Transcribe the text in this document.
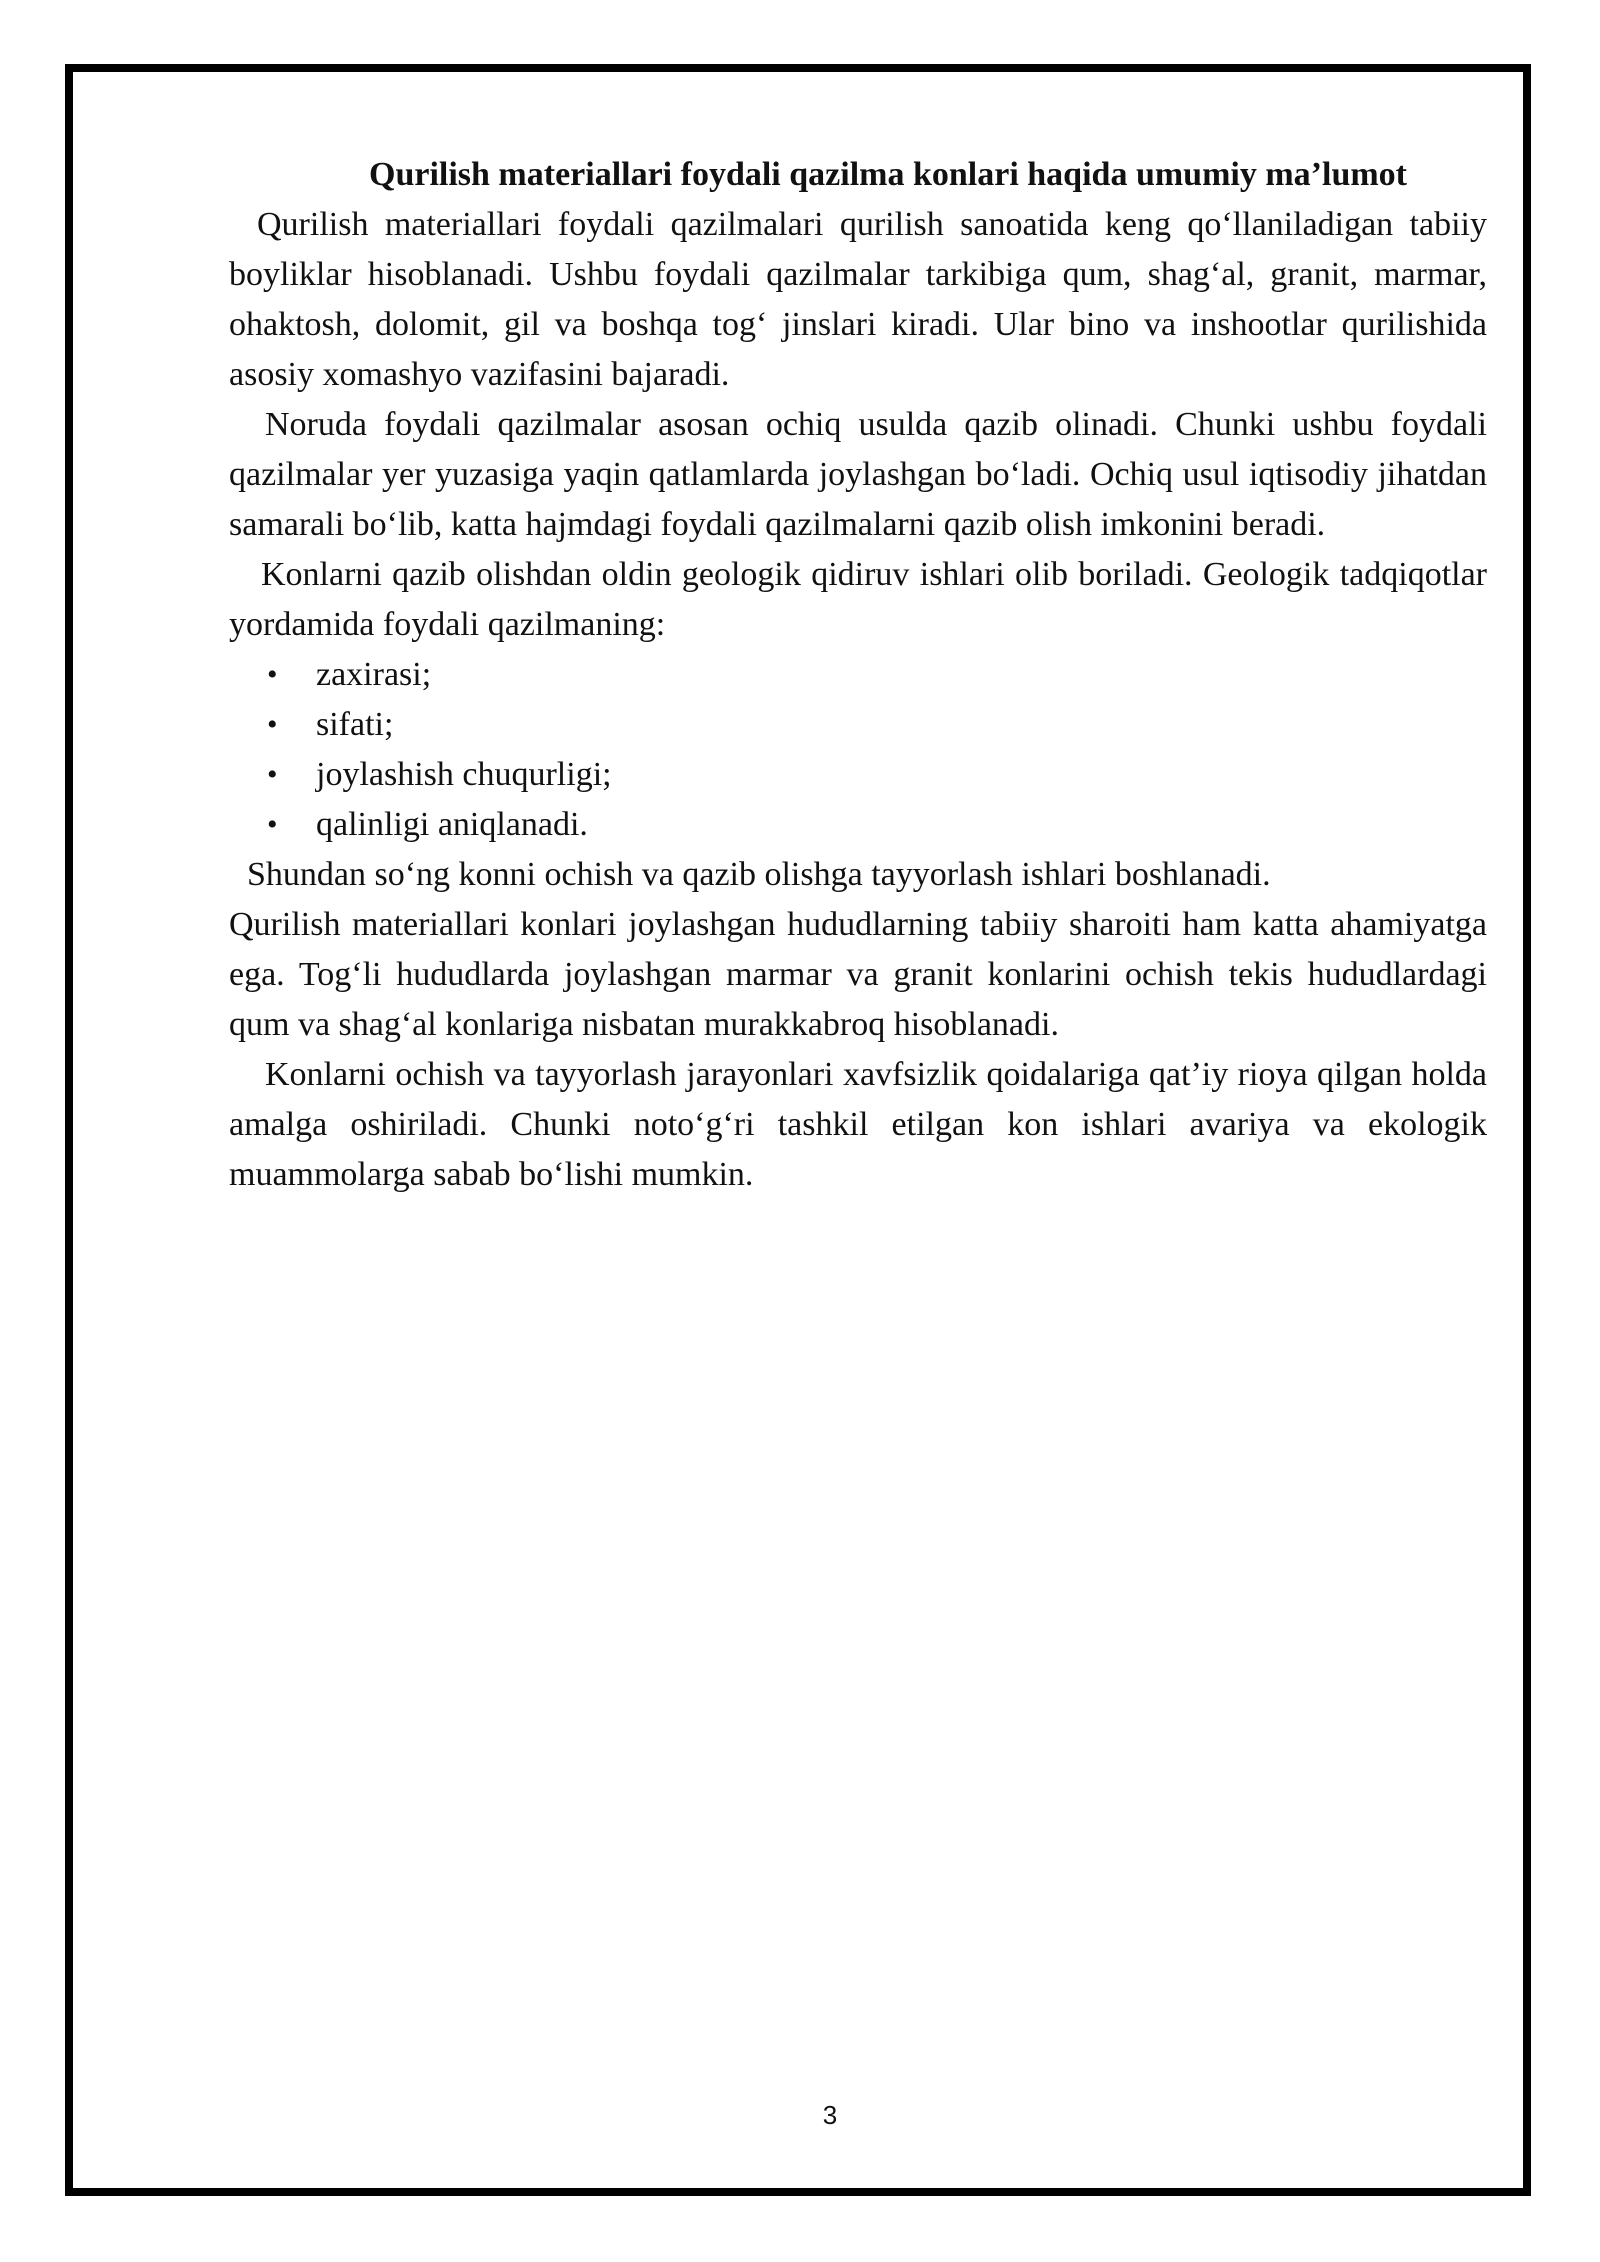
Qurilish materiallari foydali qazilma konlari haqida umumiy ma’lumot

Qurilish materiallari foydali qazilmalari qurilish sanoatida keng qo‘llaniladigan tabiiy boyliklar hisoblanadi. Ushbu foydali qazilmalar tarkibiga qum, shag‘al, granit, marmar, ohaktosh, dolomit, gil va boshqa tog‘ jinslari kiradi. Ular bino va inshootlar qurilishida asosiy xomashyo vazifasini bajaradi.

Noruda foydali qazilmalar asosan ochiq usulda qazib olinadi. Chunki ushbu foydali qazilmalar yer yuzasiga yaqin qatlamlarda joylashgan bo‘ladi. Ochiq usul iqtisodiy jihatdan samarali bo‘lib, katta hajmdagi foydali qazilmalarni qazib olish imkonini beradi.

Konlarni qazib olishdan oldin geologik qidiruv ishlari olib boriladi. Geologik tadqiqotlar yordamida foydali qazilmaning:

• zaxirasi;
• sifati;
• joylashish chuqurligi;
• qalinligi aniqlanadi.

Shundan so‘ng konni ochish va qazib olishga tayyorlash ishlari boshlanadi.

Qurilish materiallari konlari joylashgan hududlarning tabiiy sharoiti ham katta ahamiyatga ega. Tog‘li hududlarda joylashgan marmar va granit konlarini ochish tekis hududlardagi qum va shag‘al konlariga nisbatan murakkabroq hisoblanadi.

Konlarni ochish va tayyorlash jarayonlari xavfsizlik qoidalariga qat’iy rioya qilgan holda amalga oshiriladi. Chunki noto‘g‘ri tashkil etilgan kon ishlari avariya va ekologik muammolarga sabab bo‘lishi mumkin.

3
